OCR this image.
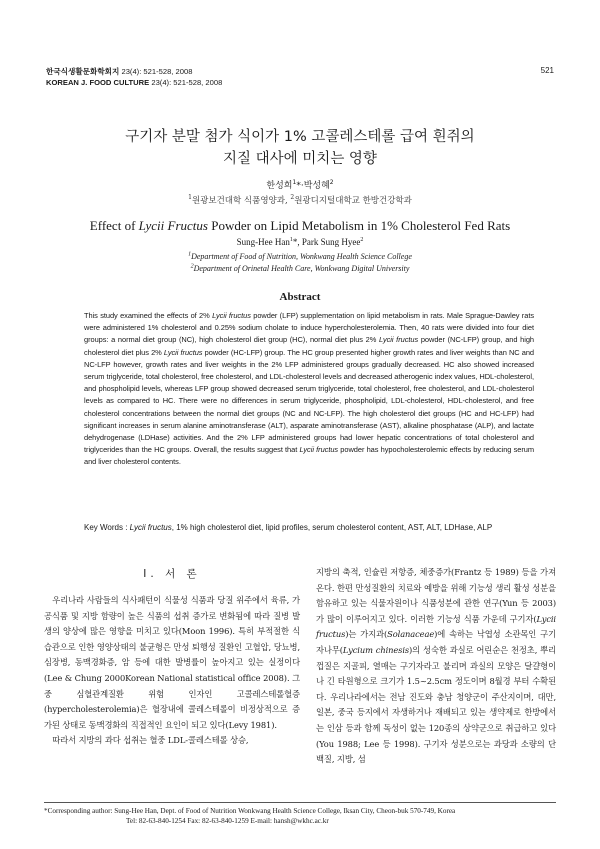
한국식생활문화학회지 23(4): 521-528, 2008
KOREAN J. FOOD CULTURE 23(4): 521-528, 2008
521
구기자 분말 첨가 식이가 1% 고콜레스테롤 급여 흰쥐의
지질 대사에 미치는 영향
한성희$^1$*·박성혜$^2$
$^1$원광보건대학 식품영양과, $^2$원광디지털대학교 한방건강학과
Effect of Lycii Fructus Powder on Lipid Metabolism in 1% Cholesterol Fed Rats
Sung-Hee Han$^1$*, Park Sung Hyee$^2$
$^1$Department of Food of Nutrition, Wonkwang Health Science College
$^2$Department of Orinetal Health Care, Wonkwang Digital University
Abstract
This study examined the effects of 2% Lycii fructus powder (LFP) supplementation on lipid metabolism in rats. Male Sprague-Dawley rats were administered 1% cholesterol and 0.25% sodium cholate to induce hypercholesterolemia. Then, 40 rats were divided into four diet groups: a normal diet group (NC), high cholesterol diet group (HC), normal diet plus 2% Lycii fructus powder (NC-LFP) group, and high cholesterol diet plus 2% Lycii fructus powder (HC-LFP) group. The HC group presented higher growth rates and liver weights than NC and NC-LFP however, growth rates and liver weights in the 2% LFP administered groups gradually decreased. HC also showed increased serum triglyceride, total cholesterol, free cholesterol, and LDL-cholesterol levels and decreased atherogenic index values, HDL-cholesterol, and phospholipid levels, whereas LFP group showed decreased serum triglyceride, total cholesterol, free cholesterol, and LDL-cholesterol levels as compared to HC. There were no differences in serum triglyceride, phospholipid, LDL-cholesterol, HDL-cholesterol, and free cholesterol concentrations between the normal diet groups (NC and NC-LFP). The high cholesterol diet groups (HC and HC-LFP) had significant increases in serum alanine aminotransferase (ALT), asparate aminotransferase (AST), alkaline phosphatase (ALP), and lactate dehydrogenase (LDHase) activities. And the 2% LFP administered groups had lower hepatic concentrations of total cholesterol and triglycerides than the HC groups. Overall, the results suggest that Lycii fructus powder has hypocholesterolemic effects by reducing serum and liver cholesterol contents.
Key Words : Lycii fructus, 1% high cholesterol diet, lipid profiles, serum cholesterol content, AST, ALT, LDHase, ALP
I. 서 론

우리나라 사람들의 식사패턴이 식물성 식품과 당질 위주에서 육류, 가공식품 및 지방 함량이 높은 식품의 섭취 증가로 변화됨에 따라 질병 발생의 양상에 많은 영향을 미치고 있다(Moon 1996). 특히 부적절한 식습관으로 인한 영양상태의 불균형은 만성 퇴행성 질환인 고혈압, 당뇨병, 심장병, 동맥경화증, 암 등에 대한 발병률이 높아지고 있는 실정이다(Lee & Chung 2000Korean National statistical office 2008). 그 중 심혈관계질환 위험 인자인 고콜레스테롤혈증(hypercholesterolemia)은 혈장내에 콜레스테롤이 비정상적으로 증가된 상태로 동맥경화의 직접적인 요인이 되고 있다(Levy 1981).

따라서 지방의 과다 섭취는 혈중 LDL-콜레스테롤 상승,

지방의 축적, 인슐린 저항증, 체중증가(Frantz 등 1989) 등을 가져온다. 한편 만성질환의 치료와 예방을 위해 기능성 생리 활성 성분을 함유하고 있는 식물자원이나 식품성분에 관한 연구(Yun 등 2003)가 많이 이루어지고 있다. 이러한 기능성 식품 가운데 구기자(Lycii fructus)는 가지과(Solanaceae)에 속하는 낙엽성 소관목인 구기자나무(Lycium chinesis)의 성숙한 과실로 어린순은 천정초, 뿌리 껍질은 지골피, 열매는 구기자라고 불리며 과실의 모양은 달걀형이나 긴 타원형으로 크기가 1.5~2.5cm 정도이며 8월경 부터 수확된다. 우리나라에서는 전남 진도와 충남 청양군이 주산지이며, 대만, 일본, 중국 등지에서 자생하거나 재배되고 있는 생약제로 한방에서는 인삼 등과 함께 독성이 없는 120종의 상약군으로 취급하고 있다(You 1988; Lee 등 1998). 구기자 성분으로는 과당과 소량의 단백질, 지방, 섬

*Corresponding author: Sung-Hee Han, Dept. of Food of Nutrition Wonkwang Health Science College, Iksan City, Cheon-buk 570-749, Korea
Tel: 82-63-840-1254 Fax: 82-63-840-1259 E-mail: hansh@wkhc.ac.kr
